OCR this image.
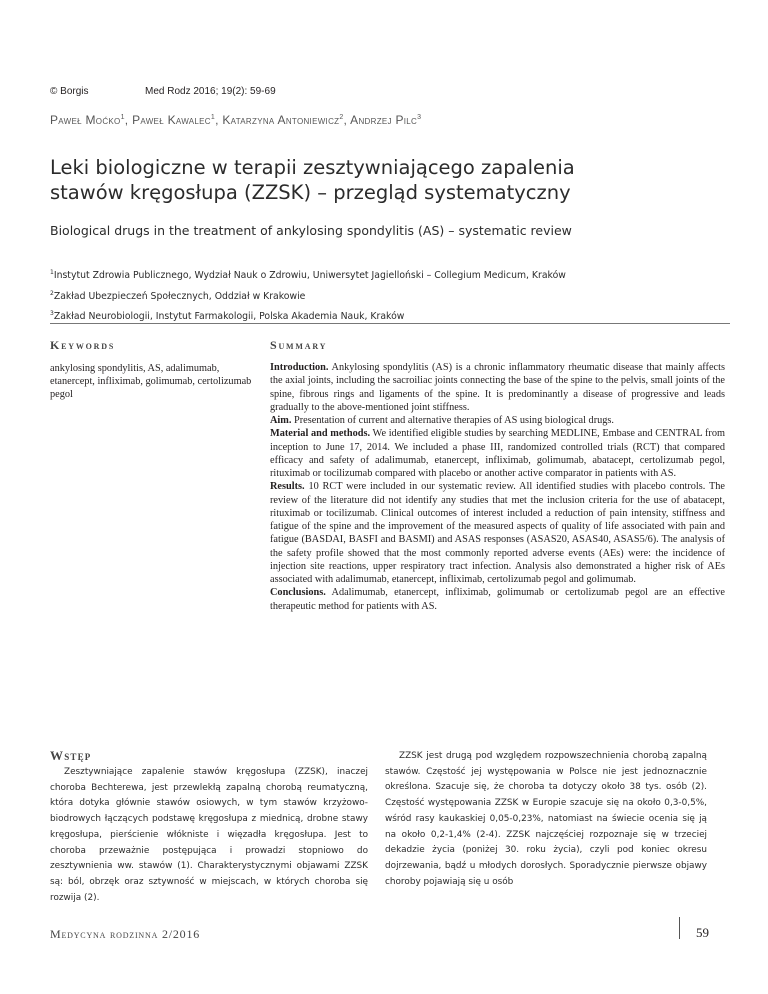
© Borgis	Med Rodz 2016; 19(2): 59-69
Paweł Moćko$^1$, Paweł Kawalec$^1$, Katarzyna Antoniewicz$^2$, Andrzej Pilc$^3$
Leki biologiczne w terapii zesztywniającego zapalenia
stawów kręgosłupa (ZZSK) – przegląd systematyczny
Biological drugs in the treatment of ankylosing spondylitis (AS) – systematic review
$^1$Instytut Zdrowia Publicznego, Wydział Nauk o Zdrowiu, Uniwersytet Jagielloński – Collegium Medicum, Kraków
$^2$Zakład Ubezpieczeń Społecznych, Oddział w Krakowie
$^3$Zakład Neurobiologii, Instytut Farmakologii, Polska Akademia Nauk, Kraków
Keywords	Summary
ankylosing spondylitis, AS, adalimumab, etanercept, infliximab, golimumab, certolizumab pegol

Introduction. Ankylosing spondylitis (AS) is a chronic inflammatory rheumatic disease that mainly affects the axial joints, including the sacroiliac joints connecting the base of the spine to the pelvis, small joints of the spine, fibrous rings and ligaments of the spine. It is predominantly a disease of progressive and leads gradually to the above-mentioned joint stiffness.

Aim. Presentation of current and alternative therapies of AS using biological drugs.

Material and methods. We identified eligible studies by searching MEDLINE, Embase and CENTRAL from inception to June 17, 2014. We included a phase III, randomized controlled trials (RCT) that compared efficacy and safety of adalimumab, etanercept, infliximab, golimumab, abatacept, certolizumab pegol, rituximab or tocilizumab compared with placebo or another active comparator in patients with AS.

Results. 10 RCT were included in our systematic review. All identified studies with placebo controls. The review of the literature did not identify any studies that met the inclusion criteria for the use of abatacept, rituximab or tocilizumab. Clinical outcomes of interest included a reduction of pain intensity, stiffness and fatigue of the spine and the improvement of the measured aspects of quality of life associated with pain and fatigue (BASDAI, BASFI and BASMI) and ASAS responses (ASAS20, ASAS40, ASAS5/6). The analysis of the safety profile showed that the most commonly reported adverse events (AEs) were: the incidence of injection site reactions, upper respiratory tract infection. Analysis also demonstrated a higher risk of AEs associated with adalimumab, etanercept, infliximab, certolizumab pegol and golimumab.

Conclusions. Adalimumab, etanercept, infliximab, golimumab or certolizumab pegol are an effective therapeutic method for patients with AS.

Wstęp

Zesztywniające zapalenie stawów kręgosłupa (ZZSK), inaczej choroba Bechterewa, jest przewlekłą zapalną chorobą reumatyczną, która dotyka głównie stawów osiowych, w tym stawów krzyżowo-biodrowych łączących podstawę kręgosłupa z miednicą, drobne stawy kręgosłupa, pierścienie włókniste i więzadła kręgosłupa. Jest to choroba przeważnie postępująca i prowadzi stopniowo do zesztywnienia ww. stawów (1). Charakterystycznymi objawami ZZSK są: ból, obrzęk oraz sztywność w miejscach, w których choroba się rozwija (2).

ZZSK jest drugą pod względem rozpowszechnienia chorobą zapalną stawów. Częstość jej występowania w Polsce nie jest jednoznacznie określona. Szacuje się, że choroba ta dotyczy około 38 tys. osób (2). Częstość występowania ZZSK w Europie szacuje się na około 0,3-0,5%, wśród rasy kaukaskiej 0,05-0,23%, natomiast na świecie ocenia się ją na około 0,2-1,4% (2-4). ZZSK najczęściej rozpoznaje się w trzeciej dekadzie życia (poniżej 30. roku życia), czyli pod koniec okresu dojrzewania, bądź u młodych dorosłych. Sporadycznie pierwsze objawy choroby pojawiają się u osób

Medycyna rodzinna 2/2016	59
